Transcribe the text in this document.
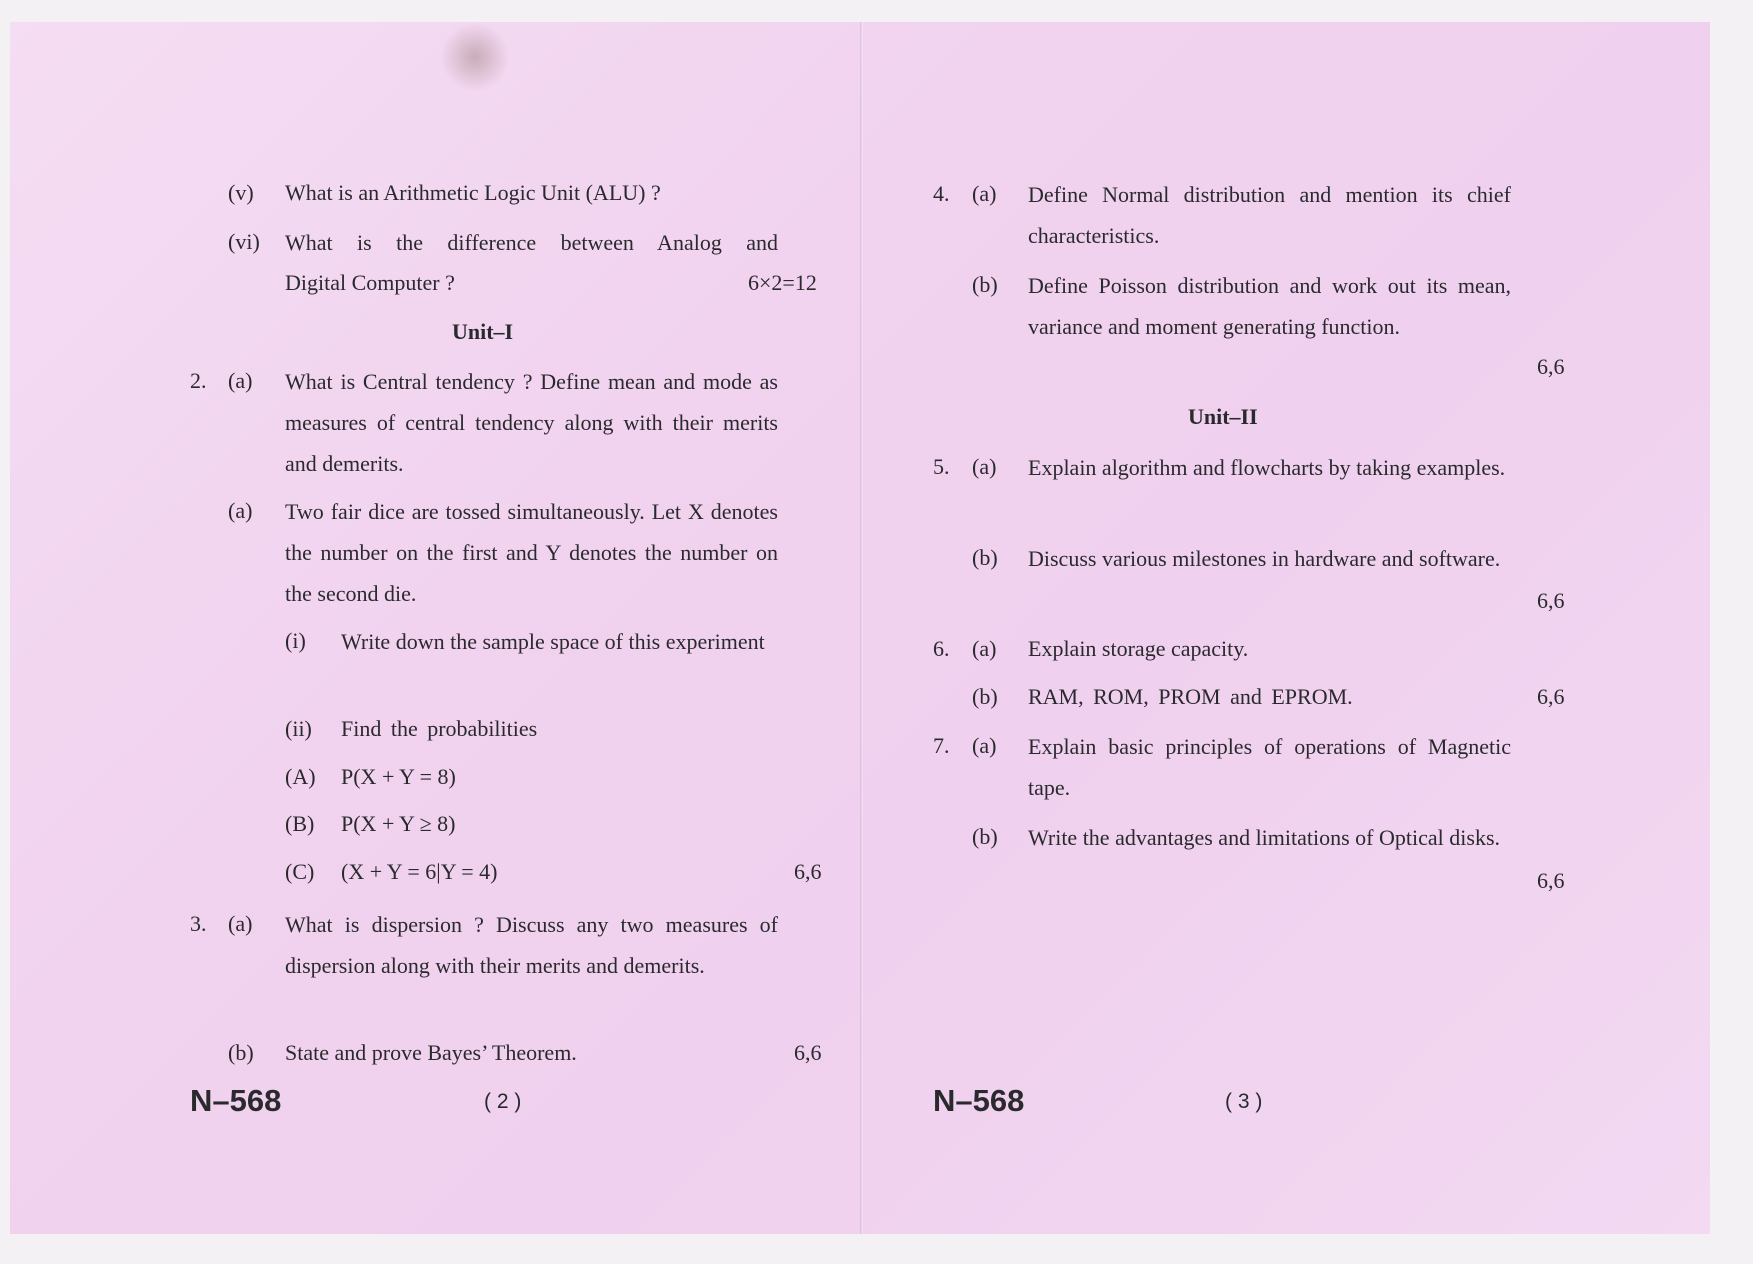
(v) What is an Arithmetic Logic Unit (ALU) ?
(vi) What is the difference between Analog and
Digital Computer ?	6×2=12
Unit–I
2. (a) What is Central tendency ? Define mean and mode as measures of central tendency along with their merits and demerits.
(a) Two fair dice are tossed simultaneously. Let X denotes the number on the first and Y denotes the number on the second die.
(i) Write down the sample space of this experiment
(ii) Find the probabilities
(A) P(X + Y = 8)
(B) P(X + Y ≥ 8)
(C) (X + Y = 6|Y = 4)	6,6
3. (a) What is dispersion ? Discuss any two measures of dispersion along with their merits and demerits.
(b) State and prove Bayes’ Theorem.	6,6
N–568	( 2 )
4. (a) Define Normal distribution and mention its chief characteristics.
(b) Define Poisson distribution and work out its mean, variance and moment generating function.
6,6
Unit–II
5. (a) Explain algorithm and flowcharts by taking examples.
(b) Discuss various milestones in hardware and software.
6,6
6. (a) Explain storage capacity.
(b) RAM, ROM, PROM and EPROM.	6,6
7. (a) Explain basic principles of operations of Magnetic tape.
(b) Write the advantages and limitations of Optical disks.
6,6
N–568	( 3 )
